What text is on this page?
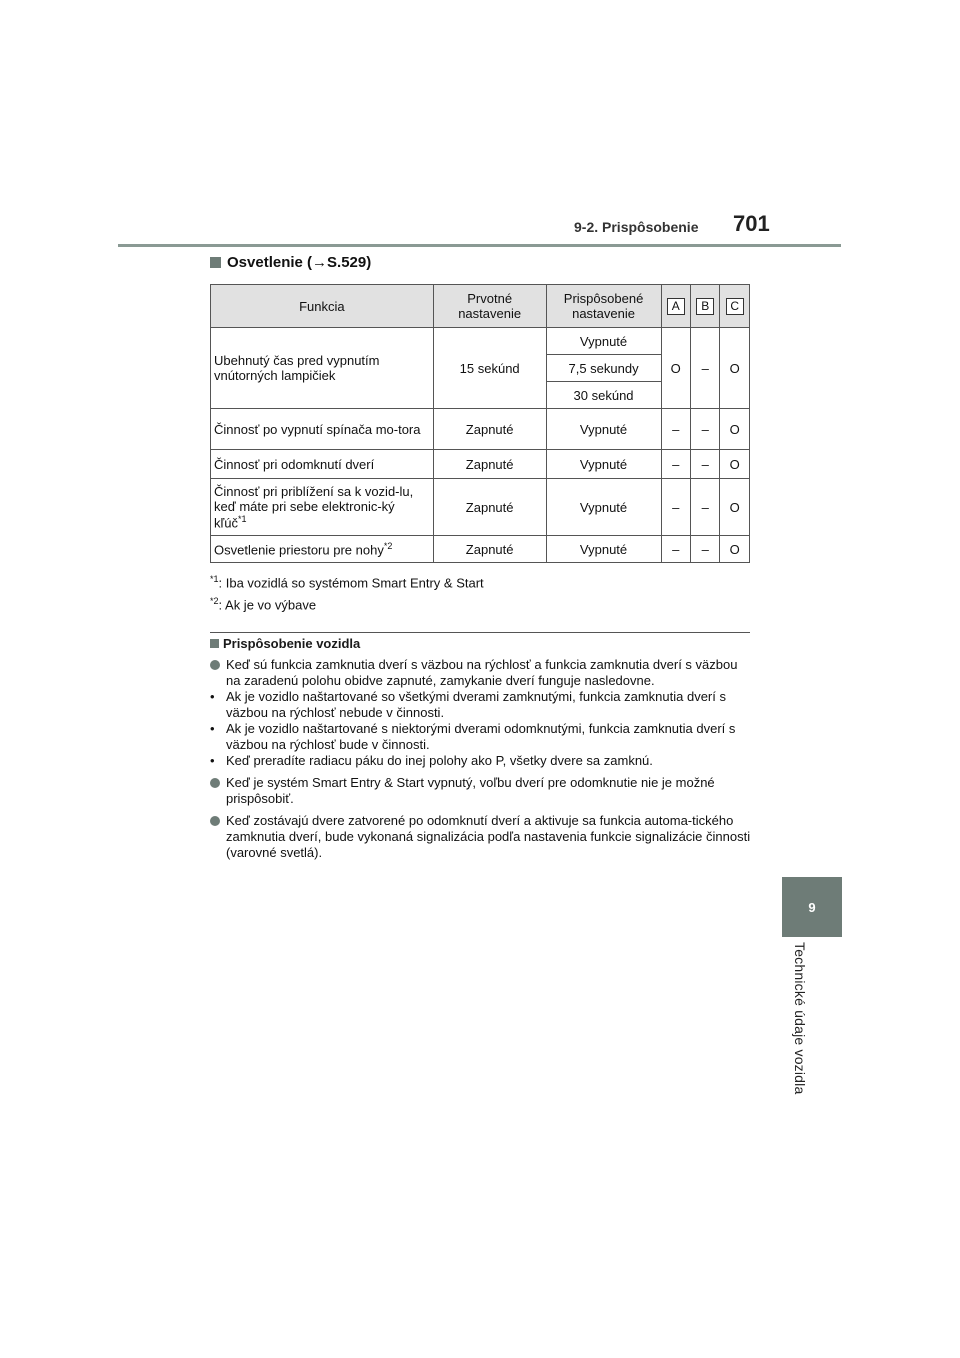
9-2. Prispôsobenie 701
9
Technické údaje vozidla
Osvetlenie (→S.529)
Funkcia	Prvotné nastavenie	Prispôsobené nastavenie	A	B	C
Ubehnutý čas pred vypnutím vnútorných lampičiek	15 sekúnd	Vypnuté	O	–	O
		7,5 sekundy			
		30 sekúnd			
Činnosť po vypnutí spínača mo-tora	Zapnuté	Vypnuté	–	–	O
Činnosť pri odomknutí dverí	Zapnuté	Vypnuté	–	–	O
Činnosť pri priblížení sa k vozid-lu, keď máte pri sebe elektronic-ký kľúč$^{*1}$	Zapnuté	Vypnuté	–	–	O
Osvetlenie priestoru pre nohy$^{*2}$	Zapnuté	Vypnuté	–	–	O
$^{*1}$: Iba vozidlá so systémom Smart Entry & Start
$^{*2}$: Ak je vo výbave
Prispôsobenie vozidla
Keď sú funkcia zamknutia dverí s väzbou na rýchlosť a funkcia zamknutia dverí s väzbou na zaradenú polohu obidve zapnuté, zamykanie dverí funguje nasledovne.
• Ak je vozidlo naštartované so všetkými dverami zamknutými, funkcia zamknutia dverí s väzbou na rýchlosť nebude v činnosti.
• Ak je vozidlo naštartované s niektorými dverami odomknutými, funkcia zamknutia dverí s väzbou na rýchlosť bude v činnosti.
• Keď preradíte radiacu páku do inej polohy ako P, všetky dvere sa zamknú.
Keď je systém Smart Entry & Start vypnutý, voľbu dverí pre odomknutie nie je možné prispôsobiť.
Keď zostávajú dvere zatvorené po odomknutí dverí a aktivuje sa funkcia automa-tického zamknutia dverí, bude vykonaná signalizácia podľa nastavenia funkcie signalizácie činnosti (varovné svetlá).
